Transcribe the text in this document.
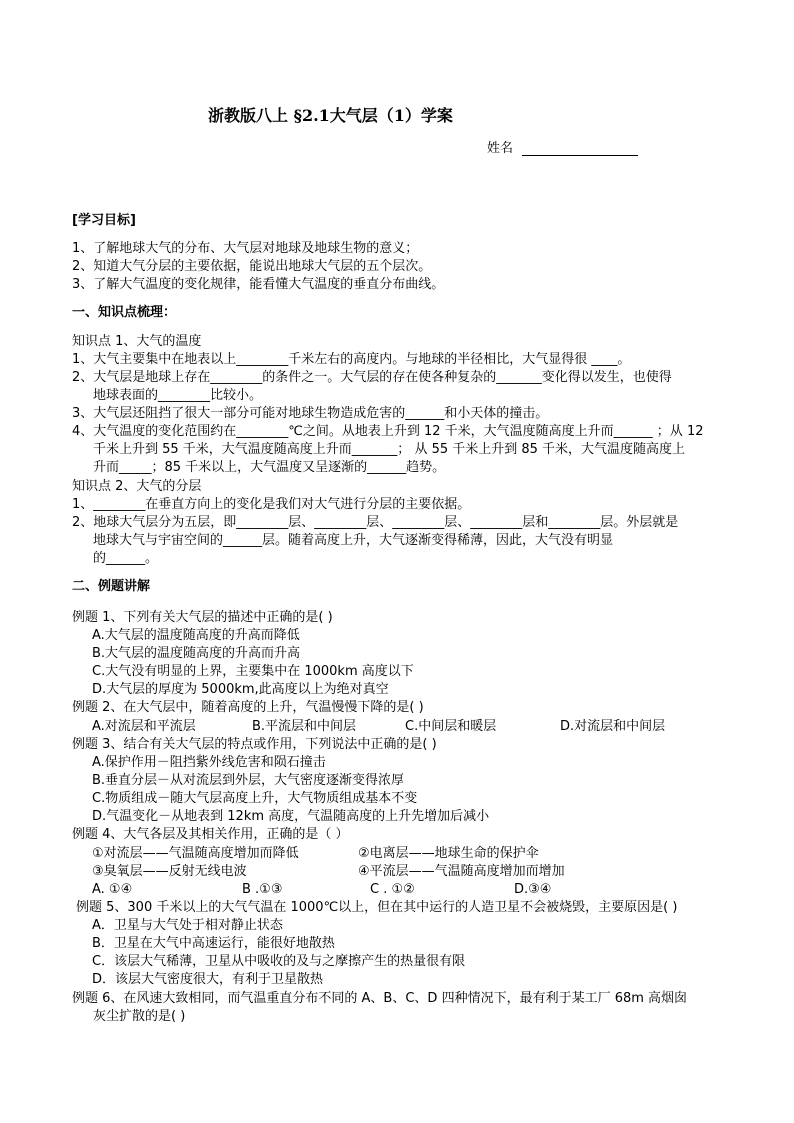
浙教版八上 §2.1大气层（1）学案
姓名
[学习目标]
1、了解地球大气的分布、大气层对地球及地球生物的意义；
2、知道大气分层的主要依据，能说出地球大气层的五个层次。
3、了解大气温度的变化规律，能看懂大气温度的垂直分布曲线。
一、知识点梳理：
知识点 1、大气的温度
1、大气主要集中在地表以上________千米左右的高度内。与地球的半径相比，大气显得很 ____。
2、大气层是地球上存在________的条件之一。大气层的存在使各种复杂的_______变化得以发生，也使得
地球表面的________比较小。
3、大气层还阻挡了很大一部分可能对地球生物造成危害的______和小天体的撞击。
4、大气温度的变化范围约在________℃之间。从地表上升到 12 千米，大气温度随高度上升而______ ；从 12
千米上升到 55 千米，大气温度随高度上升而_______； 从 55 千米上升到 85 千米，大气温度随高度上
升而_____；85 千米以上，大气温度又呈逐渐的______趋势。
知识点 2、大气的分层
1、________在垂直方向上的变化是我们对大气进行分层的主要依据。
2、地球大气层分为五层，即________层、________层、________层、________层和________层。外层就是
地球大气与宇宙空间的______层。随着高度上升，大气逐渐变得稀薄，因此，大气没有明显
的______。
二、例题讲解
例题 1、下列有关大气层的描述中正确的是( )
A.大气层的温度随高度的升高而降低
B.大气层的温度随高度的升高而升高
C.大气没有明显的上界，主要集中在 1000km 高度以下
D.大气层的厚度为 5000km,此高度以上为绝对真空
例题 2、在大气层中，随着高度的上升，气温慢慢下降的是( )
A.对流层和平流层	B.平流层和中间层	C.中间层和暖层	D.对流层和中间层
例题 3、结合有关大气层的特点或作用，下列说法中正确的是( )
A.保护作用－阻挡紫外线危害和陨石撞击
B.垂直分层－从对流层到外层，大气密度逐渐变得浓厚
C.物质组成－随大气层高度上升，大气物质组成基本不变
D.气温变化－从地表到 12km 高度，气温随高度的上升先增加后减小
例题 4、大气各层及其相关作用，正确的是（ ）
①对流层——气温随高度增加而降低	②电离层——地球生命的保护伞
③臭氧层——反射无线电波	④平流层——气温随高度增加而增加
A. ①④	B .①③	C . ①②	D.③④
例题 5、300 千米以上的大气气温在 1000℃以上，但在其中运行的人造卫星不会被烧毁，主要原因是( )
A．卫星与大气处于相对静止状态
B．卫星在大气中高速运行，能很好地散热
C．该层大气稀薄，卫星从中吸收的及与之摩擦产生的热量很有限
D．该层大气密度很大，有利于卫星散热
例题 6、在风速大致相同，而气温重直分布不同的 A、B、C、D 四种情况下，最有利于某工厂 68m 高烟囱
灰尘扩散的是( )
